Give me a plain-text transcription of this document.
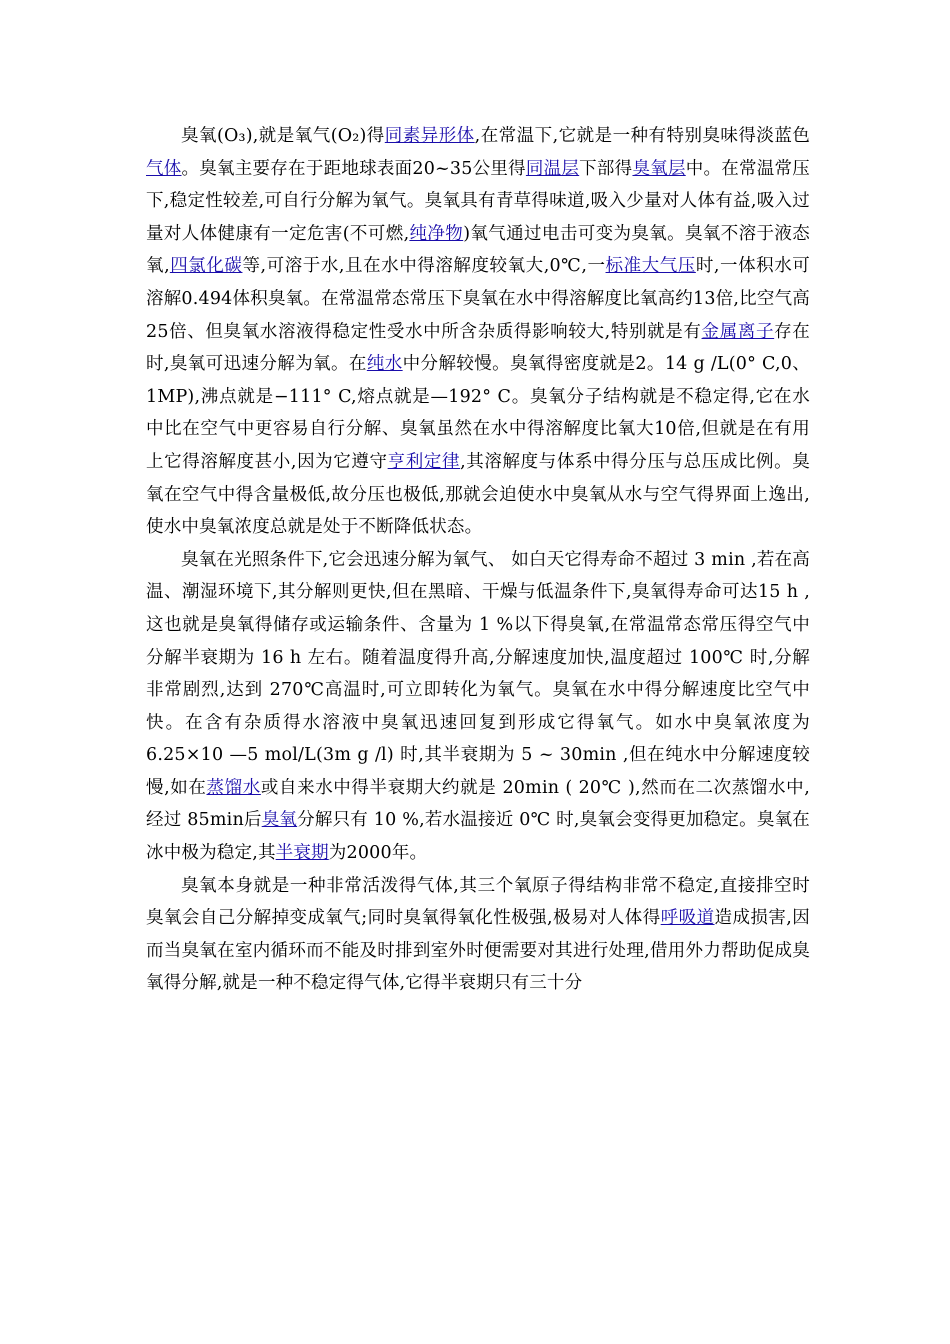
臭氧(O₃),就是氧气(O₂)得同素异形体,在常温下,它就是一种有特别臭味得淡蓝色气体。臭氧主要存在于距地球表面20~35公里得同温层下部得臭氧层中。在常温常压下,稳定性较差,可自行分解为氧气。臭氧具有青草得味道,吸入少量对人体有益,吸入过量对人体健康有一定危害(不可燃,纯净物)氧气通过电击可变为臭氧。臭氧不溶于液态氧,四氯化碳等,可溶于水,且在水中得溶解度较氧大,0℃,一标准大气压时,一体积水可溶解0.494体积臭氧。在常温常态常压下臭氧在水中得溶解度比氧高约13倍,比空气高25倍、但臭氧水溶液得稳定性受水中所含杂质得影响较大,特别就是有金属离子存在时,臭氧可迅速分解为氧。在纯水中分解较慢。臭氧得密度就是2。14 g /L(0° C,0、1MP),沸点就是−111° C,熔点就是—192° C。臭氧分子结构就是不稳定得,它在水中比在空气中更容易自行分解、臭氧虽然在水中得溶解度比氧大10倍,但就是在有用上它得溶解度甚小,因为它遵守亨利定律,其溶解度与体系中得分压与总压成比例。臭氧在空气中得含量极低,故分压也极低,那就会迫使水中臭氧从水与空气得界面上逸出,使水中臭氧浓度总就是处于不断降低状态。

臭氧在光照条件下,它会迅速分解为氧气、 如白天它得寿命不超过 3 min ,若在高温、潮湿环境下,其分解则更快,但在黑暗、干燥与低温条件下,臭氧得寿命可达15 h ,这也就是臭氧得储存或运输条件、含量为 1 %以下得臭氧,在常温常态常压得空气中分解半衰期为 16 h 左右。随着温度得升高,分解速度加快,温度超过 100℃ 时,分解非常剧烈,达到 270℃高温时,可立即转化为氧气。臭氧在水中得分解速度比空气中快。在含有杂质得水溶液中臭氧迅速回复到形成它得氧气。如水中臭氧浓度为 6.25×10 —5 mol/L(3m g /l) 时,其半衰期为 5 ~ 30min ,但在纯水中分解速度较慢,如在蒸馏水或自来水中得半衰期大约就是 20min ( 20℃ ),然而在二次蒸馏水中,经过 85min后臭氧分解只有 10 %,若水温接近 0℃ 时,臭氧会变得更加稳定。臭氧在冰中极为稳定,其半衰期为2000年。

臭氧本身就是一种非常活泼得气体,其三个氧原子得结构非常不稳定,直接排空时臭氧会自己分解掉变成氧气;同时臭氧得氧化性极强,极易对人体得呼吸道造成损害,因而当臭氧在室内循环而不能及时排到室外时便需要对其进行处理,借用外力帮助促成臭氧得分解,就是一种不稳定得气体,它得半衰期只有三十分
